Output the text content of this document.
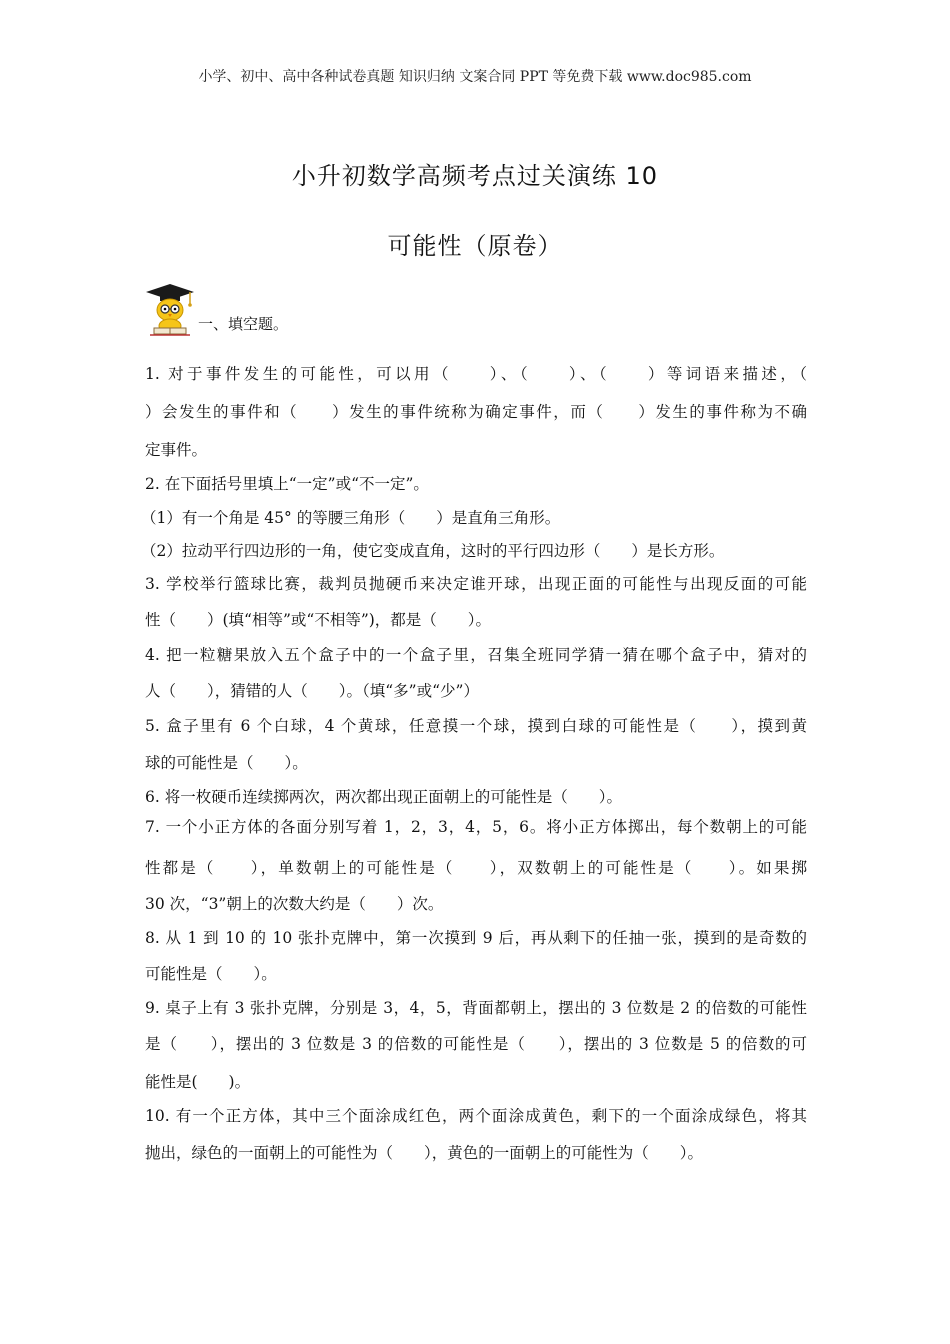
小学、初中、高中各种试卷真题 知识归纳 文案合同 PPT 等免费下载 www.doc985.com
小升初数学高频考点过关演练 10
可能性（原卷）
一、填空题。
1. 对于事件发生的可能性，可以用（　　）、（　　）、（　　）等词语来描述，（
）会发生的事件和（　　）发生的事件统称为确定事件，而（　　）发生的事件称为不确
定事件。
2. 在下面括号里填上“一定”或“不一定”。
（1）有一个角是 45° 的等腰三角形（　　）是直角三角形。
（2）拉动平行四边形的一角，使它变成直角，这时的平行四边形（　　）是长方形。
3. 学校举行篮球比赛，裁判员抛硬币来决定谁开球，出现正面的可能性与出现反面的可能
性（　　）(填“相等”或“不相等”)，都是（　　）。
4. 把一粒糖果放入五个盒子中的一个盒子里，召集全班同学猜一猜在哪个盒子中，猜对的
人（　　），猜错的人（　　）。（填“多”或“少”）
5. 盒子里有 6 个白球，4 个黄球，任意摸一个球，摸到白球的可能性是（　　），摸到黄
球的可能性是（　　）。
6. 将一枚硬币连续掷两次，两次都出现正面朝上的可能性是（　　）。
7. 一个小正方体的各面分别写着 1，2，3，4，5，6。将小正方体掷出，每个数朝上的可能
性都是（　　），单数朝上的可能性是（　　），双数朝上的可能性是（　　）。如果掷
30 次，“3”朝上的次数大约是（　　）次。
8. 从 1 到 10 的 10 张扑克牌中，第一次摸到 9 后，再从剩下的任抽一张，摸到的是奇数的
可能性是（　　）。
9. 桌子上有 3 张扑克牌，分别是 3，4，5，背面都朝上，摆出的 3 位数是 2 的倍数的可能性
是（　　），摆出的 3 位数是 3 的倍数的可能性是（　　），摆出的 3 位数是 5 的倍数的可
能性是(　　)。
10. 有一个正方体，其中三个面涂成红色，两个面涂成黄色，剩下的一个面涂成绿色，将其
抛出，绿色的一面朝上的可能性为（　　），黄色的一面朝上的可能性为（　　）。
